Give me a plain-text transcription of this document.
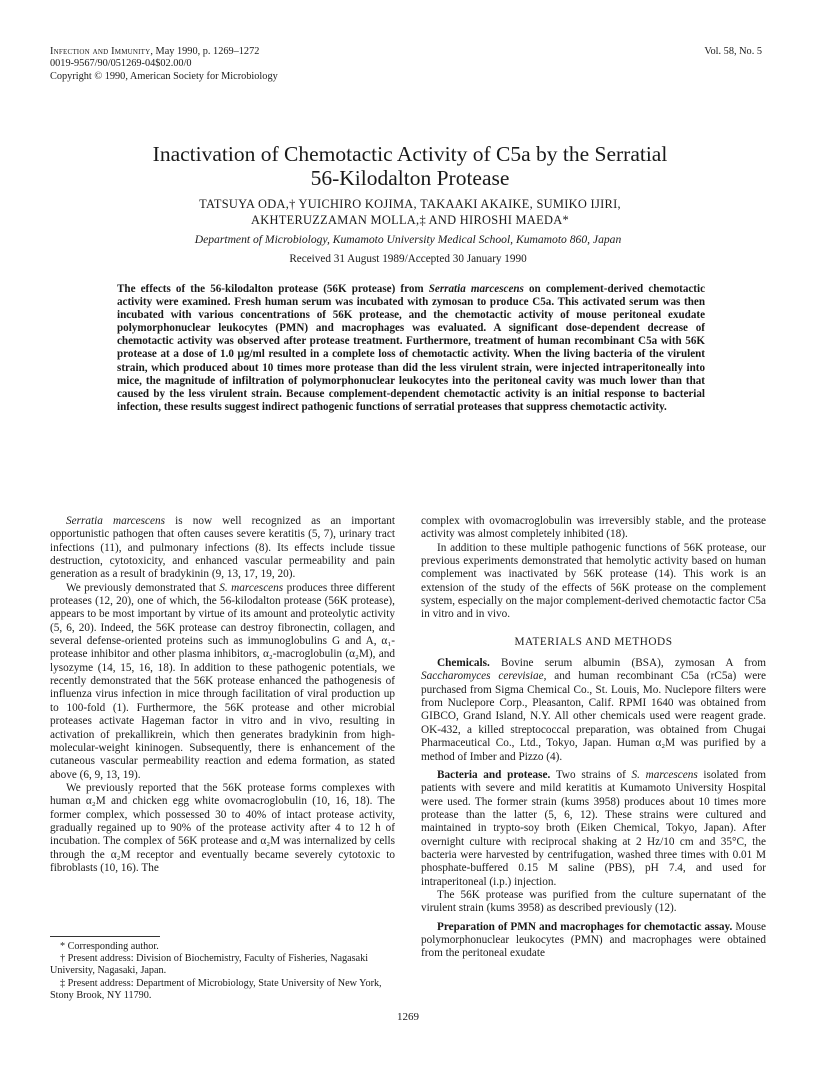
Infection and Immunity, May 1990, p. 1269–1272
0019-9567/90/051269-04$02.00/0
Copyright © 1990, American Society for Microbiology
Vol. 58, No. 5
Inactivation of Chemotactic Activity of C5a by the Serratial
56-Kilodalton Protease
TATSUYA ODA,† YUICHIRO KOJIMA, TAKAAKI AKAIKE, SUMIKO IJIRI,
AKHTERUZZAMAN MOLLA,‡ AND HIROSHI MAEDA*
Department of Microbiology, Kumamoto University Medical School, Kumamoto 860, Japan
Received 31 August 1989/Accepted 30 January 1990
The effects of the 56-kilodalton protease (56K protease) from Serratia marcescens on complement-derived chemotactic activity were examined. Fresh human serum was incubated with zymosan to produce C5a. This activated serum was then incubated with various concentrations of 56K protease, and the chemotactic activity of mouse peritoneal exudate polymorphonuclear leukocytes (PMN) and macrophages was evaluated. A significant dose-dependent decrease of chemotactic activity was observed after protease treatment. Furthermore, treatment of human recombinant C5a with 56K protease at a dose of 1.0 μg/ml resulted in a complete loss of chemotactic activity. When the living bacteria of the virulent strain, which produced about 10 times more protease than did the less virulent strain, were injected intraperitoneally into mice, the magnitude of infiltration of polymorphonuclear leukocytes into the peritoneal cavity was much lower than that caused by the less virulent strain. Because complement-dependent chemotactic activity is an initial response to bacterial infection, these results suggest indirect pathogenic functions of serratial proteases that suppress chemotactic activity.

Serratia marcescens is now well recognized as an important opportunistic pathogen that often causes severe keratitis (5, 7), urinary tract infections (11), and pulmonary infections (8). Its effects include tissue destruction, cytotoxicity, and enhanced vascular permeability and pain generation as a result of bradykinin (9, 13, 17, 19, 20).

We previously demonstrated that S. marcescens produces three different proteases (12, 20), one of which, the 56-kilodalton protease (56K protease), appears to be most important by virtue of its amount and proteolytic activity (5, 6, 20). Indeed, the 56K protease can destroy fibronectin, collagen, and several defense-oriented proteins such as immunoglobulins G and A, α₁-protease inhibitor and other plasma inhibitors, α₂-macroglobulin (α₂M), and lysozyme (14, 15, 16, 18). In addition to these pathogenic potentials, we recently demonstrated that the 56K protease enhanced the pathogenesis of influenza virus infection in mice through facilitation of viral production up to 100-fold (1). Furthermore, the 56K protease and other microbial proteases activate Hageman factor in vitro and in vivo, resulting in activation of prekallikrein, which then generates bradykinin from high-molecular-weight kininogen. Subsequently, there is enhancement of the cutaneous vascular permeability reaction and edema formation, as stated above (6, 9, 13, 19).

We previously reported that the 56K protease forms complexes with human α₂M and chicken egg white ovomacroglobulin (10, 16, 18). The former complex, which possessed 30 to 40% of intact protease activity, gradually regained up to 90% of the protease activity after 4 to 12 h of incubation. The complex of 56K protease and α₂M was internalized by cells through the α₂M receptor and eventually became severely cytotoxic to fibroblasts (10, 16). The

* Corresponding author.
† Present address: Division of Biochemistry, Faculty of Fisheries, Nagasaki University, Nagasaki, Japan.
‡ Present address: Department of Microbiology, State University of New York, Stony Brook, NY 11790.

complex with ovomacroglobulin was irreversibly stable, and the protease activity was almost completely inhibited (18).

In addition to these multiple pathogenic functions of 56K protease, our previous experiments demonstrated that hemolytic activity based on human complement was inactivated by 56K protease (14). This work is an extension of the study of the effects of 56K protease on the complement system, especially on the major complement-derived chemotactic factor C5a in vitro and in vivo.

MATERIALS AND METHODS

Chemicals. Bovine serum albumin (BSA), zymosan A from Saccharomyces cerevisiae, and human recombinant C5a (rC5a) were purchased from Sigma Chemical Co., St. Louis, Mo. Nuclepore filters were from Nuclepore Corp., Pleasanton, Calif. RPMI 1640 was obtained from GIBCO, Grand Island, N.Y. All other chemicals used were reagent grade. OK-432, a killed streptococcal preparation, was obtained from Chugai Pharmaceutical Co., Ltd., Tokyo, Japan. Human α₂M was purified by a method of Imber and Pizzo (4).

Bacteria and protease. Two strains of S. marcescens isolated from patients with severe and mild keratitis at Kumamoto University Hospital were used. The former strain (kums 3958) produces about 10 times more protease than the latter (5, 6, 12). These strains were cultured and maintained in trypto-soy broth (Eiken Chemical, Tokyo, Japan). After overnight culture with reciprocal shaking at 2 Hz/10 cm and 35°C, the bacteria were harvested by centrifugation, washed three times with 0.01 M phosphate-buffered 0.15 M saline (PBS), pH 7.4, and used for intraperitoneal (i.p.) injection.

The 56K protease was purified from the culture supernatant of the virulent strain (kums 3958) as described previously (12).

Preparation of PMN and macrophages for chemotactic assay. Mouse polymorphonuclear leukocytes (PMN) and macrophages were obtained from the peritoneal exudate

1269
